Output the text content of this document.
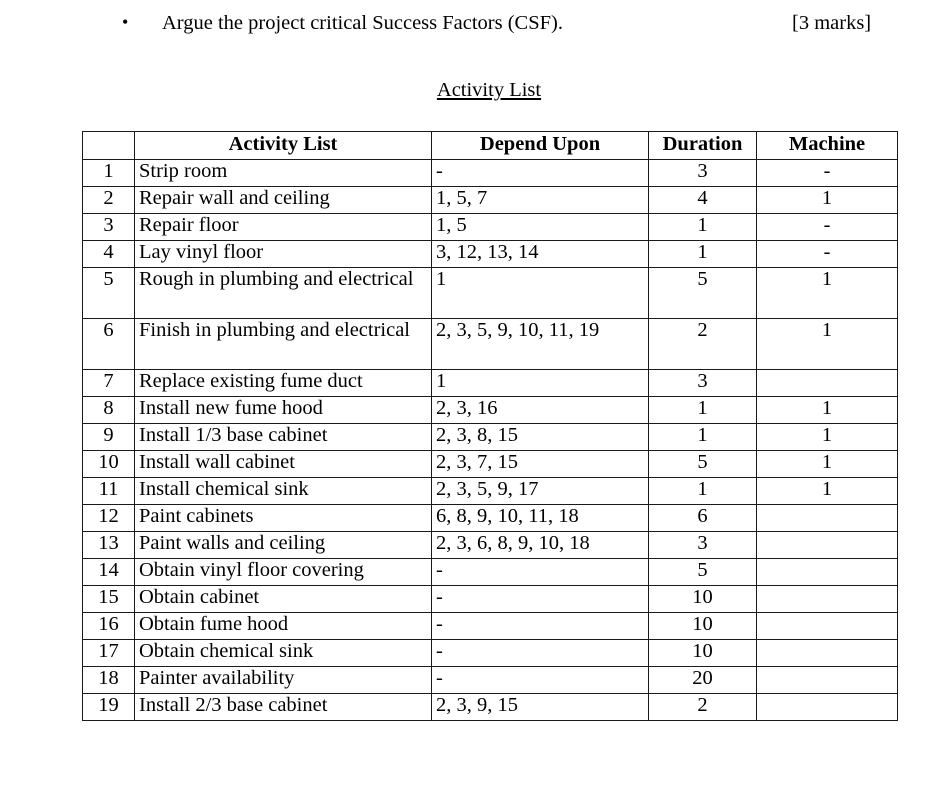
• Argue the project critical Success Factors (CSF).	[3 marks]
Activity List
	Activity List	Depend Upon	Duration	Machine
1	Strip room	-	3	-
2	Repair wall and ceiling	1, 5, 7	4	1
3	Repair floor	1, 5	1	-
4	Lay vinyl floor	3, 12, 13, 14	1	-
5	Rough in plumbing and electrical	1	5	1
6	Finish in plumbing and electrical	2, 3, 5, 9, 10, 11, 19	2	1
7	Replace existing fume duct	1	3	
8	Install new fume hood	2, 3, 16	1	1
9	Install 1/3 base cabinet	2, 3, 8, 15	1	1
10	Install wall cabinet	2, 3, 7, 15	5	1
11	Install chemical sink	2, 3, 5, 9, 17	1	1
12	Paint cabinets	6, 8, 9, 10, 11, 18	6	
13	Paint walls and ceiling	2, 3, 6, 8, 9, 10, 18	3	
14	Obtain vinyl floor covering	-	5	
15	Obtain cabinet	-	10	
16	Obtain fume hood	-	10	
17	Obtain chemical sink	-	10	
18	Painter availability	-	20	
19	Install 2/3 base cabinet	2, 3, 9, 15	2	
